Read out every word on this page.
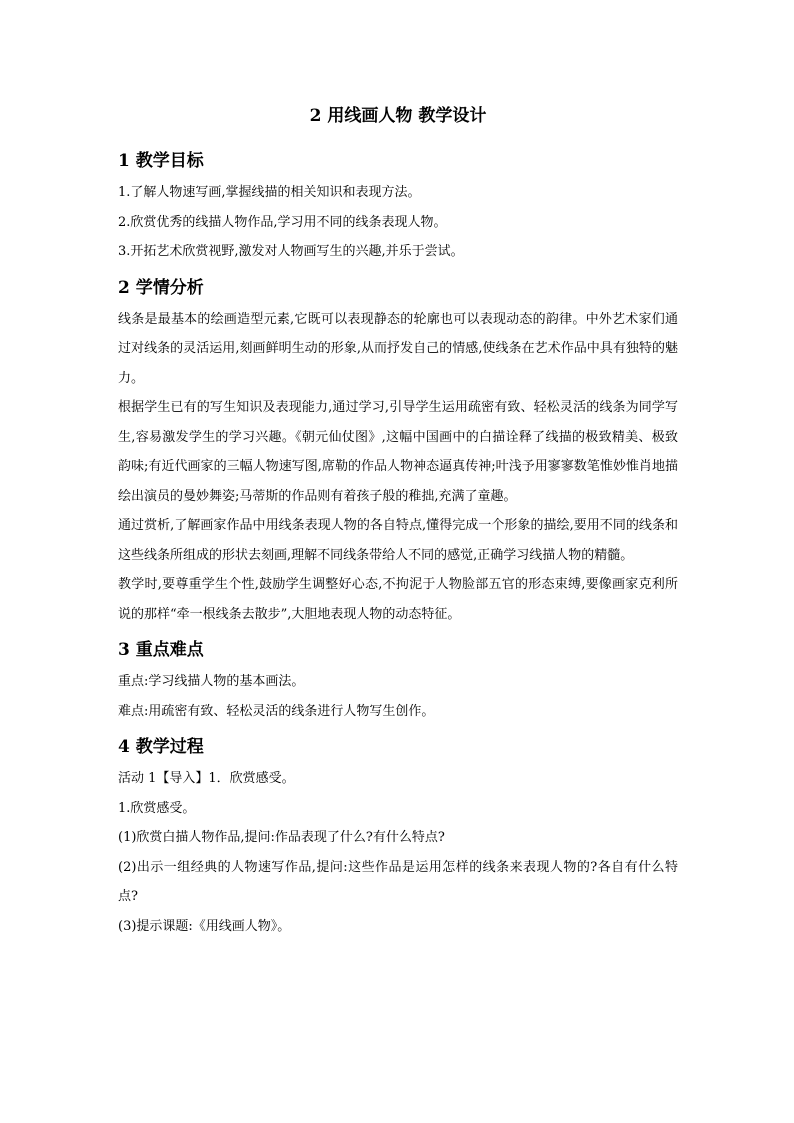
2 用线画人物 教学设计
1 教学目标

1.了解人物速写画,掌握线描的相关知识和表现方法。

2.欣赏优秀的线描人物作品,学习用不同的线条表现人物。

3.开拓艺术欣赏视野,激发对人物画写生的兴趣,并乐于尝试。

2 学情分析

线条是最基本的绘画造型元素,它既可以表现静态的轮廓也可以表现动态的韵律。中外艺术家们通过对线条的灵活运用,刻画鲜明生动的形象,从而抒发自己的情感,使线条在艺术作品中具有独特的魅力。

根据学生已有的写生知识及表现能力,通过学习,引导学生运用疏密有致、轻松灵活的线条为同学写生,容易激发学生的学习兴趣。《朝元仙仗图》,这幅中国画中的白描诠释了线描的极致精美、极致韵味;有近代画家的三幅人物速写图,席勒的作品人物神态逼真传神;叶浅予用寥寥数笔惟妙惟肖地描绘出演员的曼妙舞姿;马蒂斯的作品则有着孩子般的稚拙,充满了童趣。

通过赏析,了解画家作品中用线条表现人物的各自特点,懂得完成一个形象的描绘,要用不同的线条和这些线条所组成的形状去刻画,理解不同线条带给人不同的感觉,正确学习线描人物的精髓。

教学时,要尊重学生个性,鼓励学生调整好心态,不拘泥于人物脸部五官的形态束缚,要像画家克利所说的那样“牵一根线条去散步”,大胆地表现人物的动态特征。

3 重点难点

重点:学习线描人物的基本画法。

难点:用疏密有致、轻松灵活的线条进行人物写生创作。

4 教学过程

活动 1【导入】1．欣赏感受。

1.欣赏感受。

(1)欣赏白描人物作品,提问:作品表现了什么?有什么特点?

(2)出示一组经典的人物速写作品,提问:这些作品是运用怎样的线条来表现人物的?各自有什么特点?

(3)提示课题:《用线画人物》。
